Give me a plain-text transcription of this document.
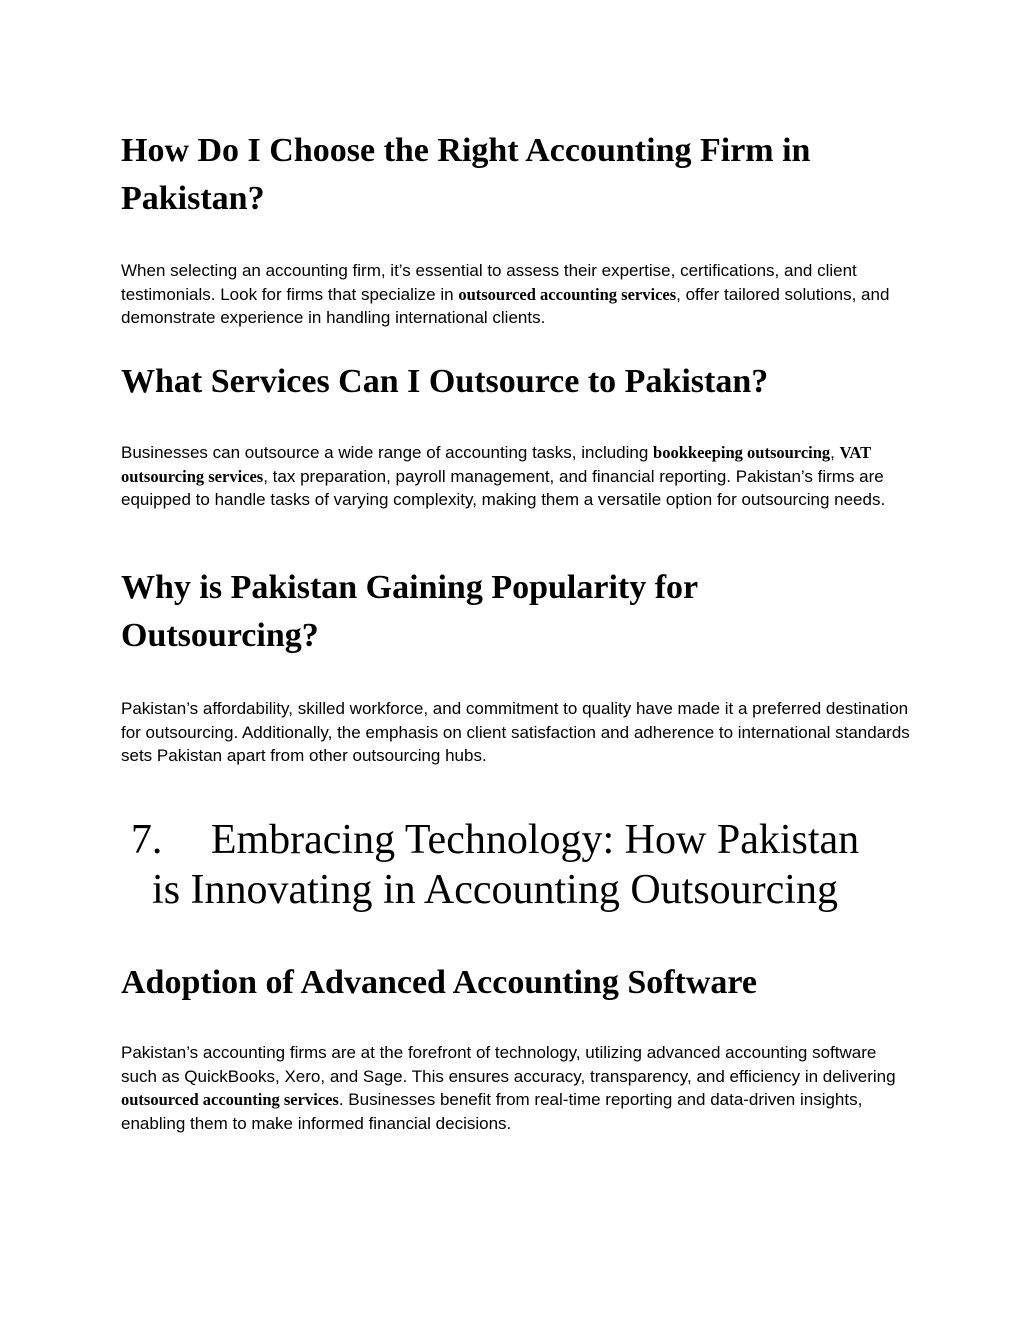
How Do I Choose the Right Accounting Firm in Pakistan?

When selecting an accounting firm, it’s essential to assess their expertise, certifications, and client testimonials. Look for firms that specialize in outsourced accounting services, offer tailored solutions, and demonstrate experience in handling international clients.

What Services Can I Outsource to Pakistan?

Businesses can outsource a wide range of accounting tasks, including bookkeeping outsourcing, VAT outsourcing services, tax preparation, payroll management, and financial reporting. Pakistan’s firms are equipped to handle tasks of varying complexity, making them a versatile option for outsourcing needs.

Why is Pakistan Gaining Popularity for Outsourcing?

Pakistan’s affordability, skilled workforce, and commitment to quality have made it a preferred destination for outsourcing. Additionally, the emphasis on client satisfaction and adherence to international standards sets Pakistan apart from other outsourcing hubs.

7. Embracing Technology: How Pakistan
is Innovating in Accounting Outsourcing
Adoption of Advanced Accounting Software

Pakistan’s accounting firms are at the forefront of technology, utilizing advanced accounting software such as QuickBooks, Xero, and Sage. This ensures accuracy, transparency, and efficiency in delivering outsourced accounting services. Businesses benefit from real-time reporting and data-driven insights, enabling them to make informed financial decisions.
